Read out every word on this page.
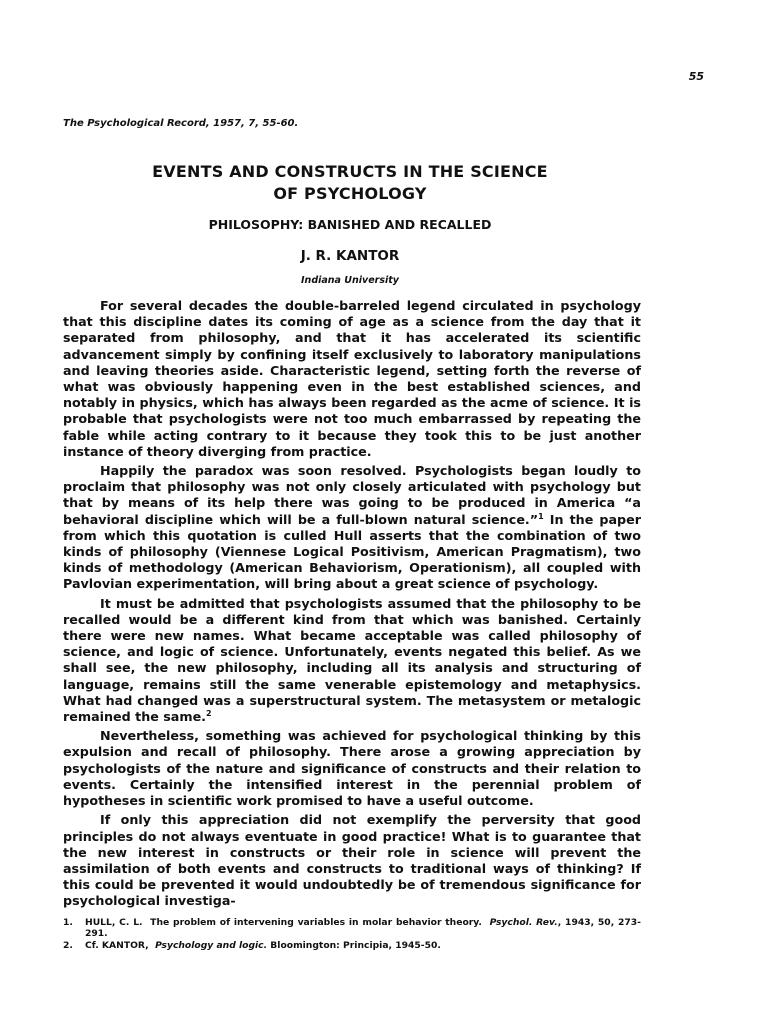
55
The Psychological Record, 1957, 7, 55-60.
EVENTS AND CONSTRUCTS IN THE SCIENCE
OF PSYCHOLOGY
PHILOSOPHY: BANISHED AND RECALLED
J. R. KANTOR
Indiana University

For several decades the double-barreled legend circulated in psychology that this discipline dates its coming of age as a science from the day that it separated from philosophy, and that it has accelerated its scientific advancement simply by confining itself exclusively to laboratory manipulations and leaving theories aside. Characteristic legend, setting forth the reverse of what was obviously happening even in the best established sciences, and notably in physics, which has always been regarded as the acme of science. It is probable that psychologists were not too much embarrassed by repeating the fable while acting contrary to it because they took this to be just another instance of theory diverging from practice.

Happily the paradox was soon resolved. Psychologists began loudly to proclaim that philosophy was not only closely articulated with psychology but that by means of its help there was going to be produced in America “a behavioral discipline which will be a full-blown natural science.”$^1$ In the paper from which this quotation is culled Hull asserts that the combination of two kinds of philosophy (Viennese Logical Positivism, American Pragmatism), two kinds of methodology (American Behaviorism, Operationism), all coupled with Pavlovian experimentation, will bring about a great science of psychology.

It must be admitted that psychologists assumed that the philosophy to be recalled would be a different kind from that which was banished. Certainly there were new names. What became acceptable was called philosophy of science, and logic of science. Unfortunately, events negated this belief. As we shall see, the new philosophy, including all its analysis and structuring of language, remains still the same venerable epistemology and metaphysics. What had changed was a superstructural system. The metasystem or metalogic remained the same.$^2$

Nevertheless, something was achieved for psychological thinking by this expulsion and recall of philosophy. There arose a growing appreciation by psychologists of the nature and significance of constructs and their relation to events. Certainly the intensified interest in the perennial problem of hypotheses in scientific work promised to have a useful outcome.

If only this appreciation did not exemplify the perversity that good principles do not always eventuate in good practice! What is to guarantee that the new interest in constructs or their role in science will prevent the assimilation of both events and constructs to traditional ways of thinking? If this could be prevented it would undoubtedly be of tremendous significance for psychological investiga-

1.	HULL, C. L. The problem of intervening variables in molar behavior theory. Psychol. Rev., 1943, 50, 273-291.
2.	Cf. KANTOR, Psychology and logic. Bloomington: Principia, 1945-50.
